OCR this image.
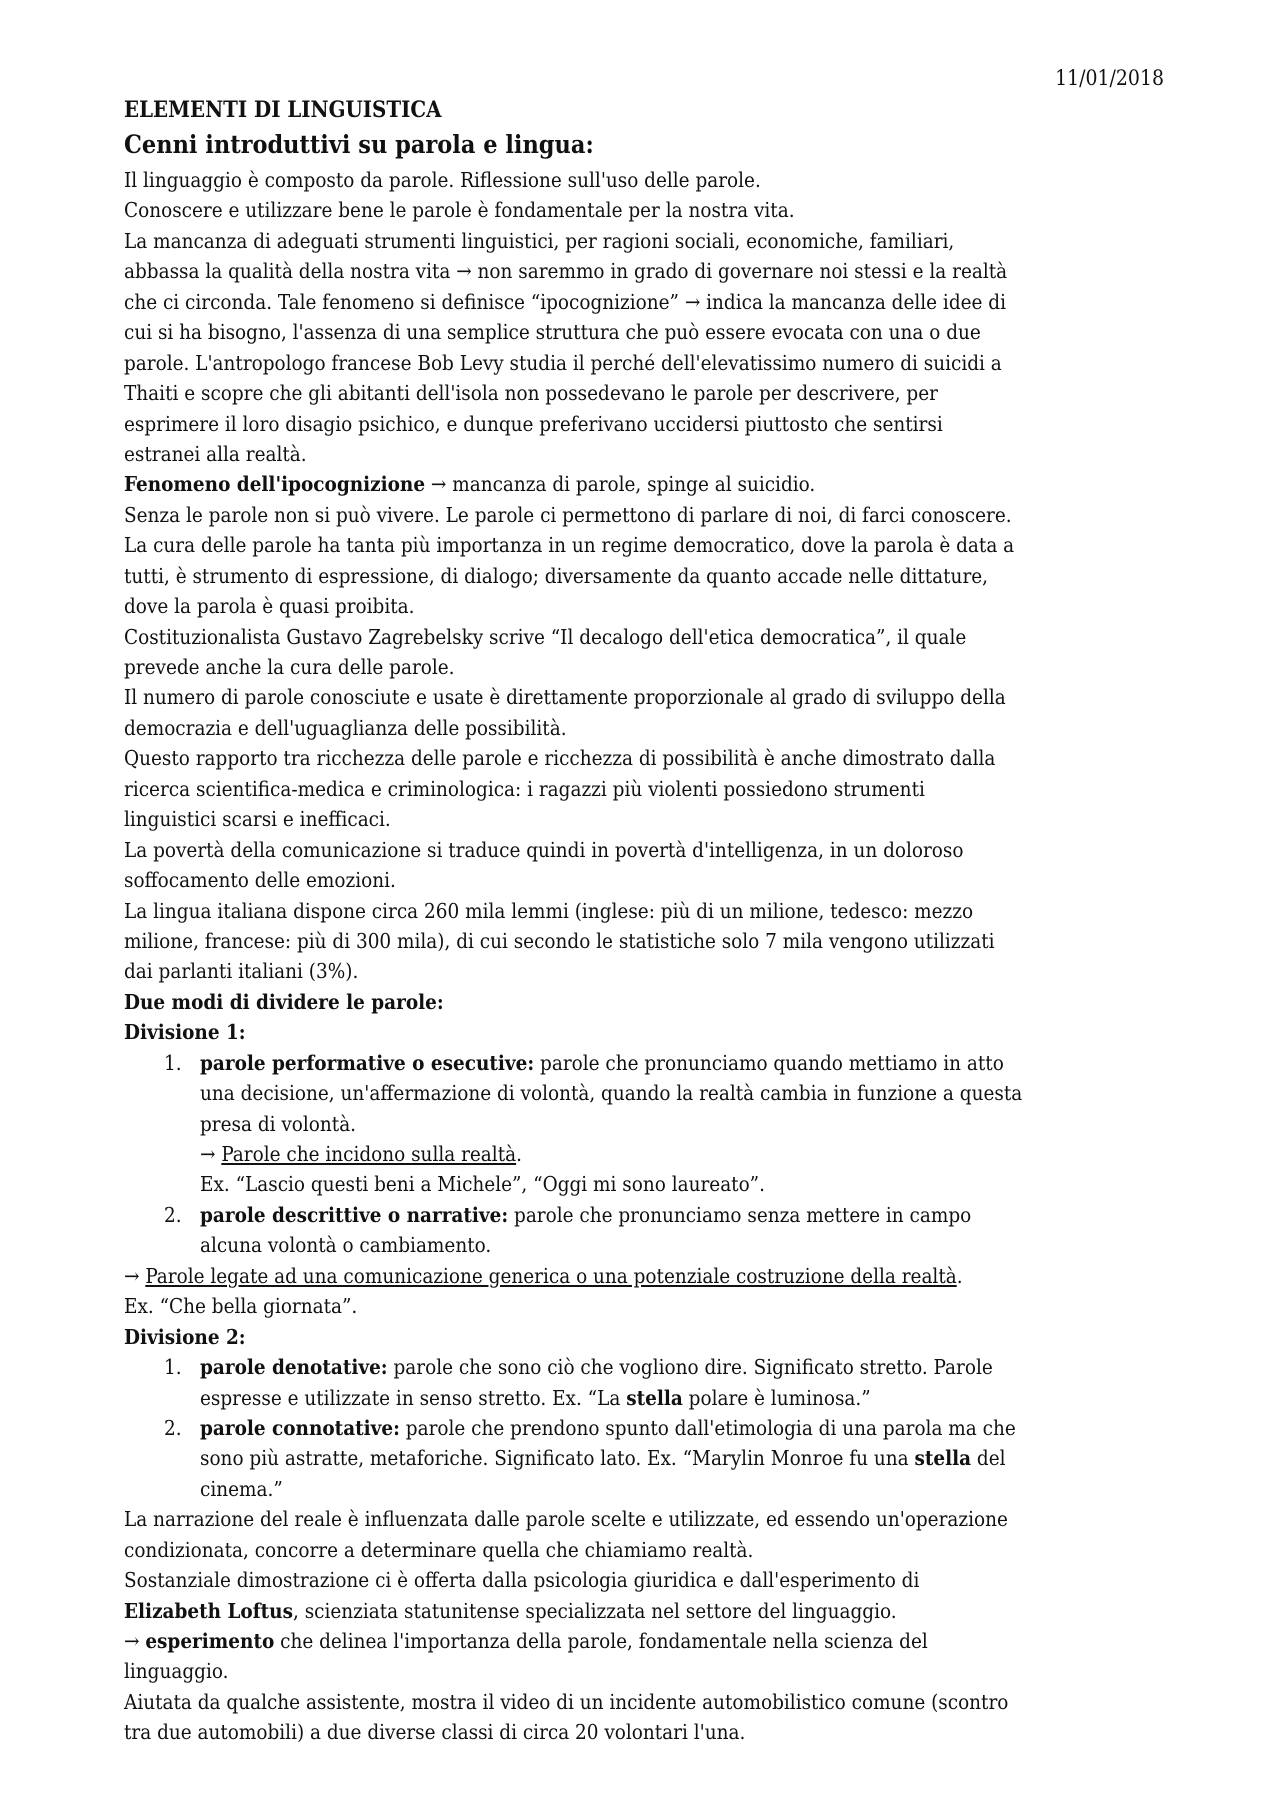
11/01/2018
ELEMENTI DI LINGUISTICA
Cenni introduttivi su parola e lingua:
Il linguaggio è composto da parole. Riflessione sull'uso delle parole.
Conoscere e utilizzare bene le parole è fondamentale per la nostra vita.
La mancanza di adeguati strumenti linguistici, per ragioni sociali, economiche, familiari,
abbassa la qualità della nostra vita → non saremmo in grado di governare noi stessi e la realtà
che ci circonda. Tale fenomeno si definisce “ipocognizione” → indica la mancanza delle idee di
cui si ha bisogno, l'assenza di una semplice struttura che può essere evocata con una o due
parole. L'antropologo francese Bob Levy studia il perché dell'elevatissimo numero di suicidi a
Thaiti e scopre che gli abitanti dell'isola non possedevano le parole per descrivere, per
esprimere il loro disagio psichico, e dunque preferivano uccidersi piuttosto che sentirsi
estranei alla realtà.
Fenomeno dell'ipocognizione → mancanza di parole, spinge al suicidio.
Senza le parole non si può vivere. Le parole ci permettono di parlare di noi, di farci conoscere.
La cura delle parole ha tanta più importanza in un regime democratico, dove la parola è data a
tutti, è strumento di espressione, di dialogo; diversamente da quanto accade nelle dittature,
dove la parola è quasi proibita.
Costituzionalista Gustavo Zagrebelsky scrive “Il decalogo dell'etica democratica”, il quale
prevede anche la cura delle parole.
Il numero di parole conosciute e usate è direttamente proporzionale al grado di sviluppo della
democrazia e dell'uguaglianza delle possibilità.
Questo rapporto tra ricchezza delle parole e ricchezza di possibilità è anche dimostrato dalla
ricerca scientifica-medica e criminologica: i ragazzi più violenti possiedono strumenti
linguistici scarsi e inefficaci.
La povertà della comunicazione si traduce quindi in povertà d'intelligenza, in un doloroso
soffocamento delle emozioni.
La lingua italiana dispone circa 260 mila lemmi (inglese: più di un milione, tedesco: mezzo
milione, francese: più di 300 mila), di cui secondo le statistiche solo 7 mila vengono utilizzati
dai parlanti italiani (3%).
Due modi di dividere le parole:
Divisione 1:
1. parole performative o esecutive: parole che pronunciamo quando mettiamo in atto
una decisione, un'affermazione di volontà, quando la realtà cambia in funzione a questa
presa di volontà.
→ Parole che incidono sulla realtà.
Ex. “Lascio questi beni a Michele”, “Oggi mi sono laureato”.
2. parole descrittive o narrative: parole che pronunciamo senza mettere in campo
alcuna volontà o cambiamento.
→ Parole legate ad una comunicazione generica o una potenziale costruzione della realtà.
Ex. “Che bella giornata”.
Divisione 2:
1. parole denotative: parole che sono ciò che vogliono dire. Significato stretto. Parole
espresse e utilizzate in senso stretto. Ex. “La stella polare è luminosa.”
2. parole connotative: parole che prendono spunto dall'etimologia di una parola ma che
sono più astratte, metaforiche. Significato lato. Ex. “Marylin Monroe fu una stella del
cinema.”
La narrazione del reale è influenzata dalle parole scelte e utilizzate, ed essendo un'operazione
condizionata, concorre a determinare quella che chiamiamo realtà.
Sostanziale dimostrazione ci è offerta dalla psicologia giuridica e dall'esperimento di
Elizabeth Loftus, scienziata statunitense specializzata nel settore del linguaggio.
→ esperimento che delinea l'importanza della parole, fondamentale nella scienza del
linguaggio.
Aiutata da qualche assistente, mostra il video di un incidente automobilistico comune (scontro
tra due automobili) a due diverse classi di circa 20 volontari l'una.
